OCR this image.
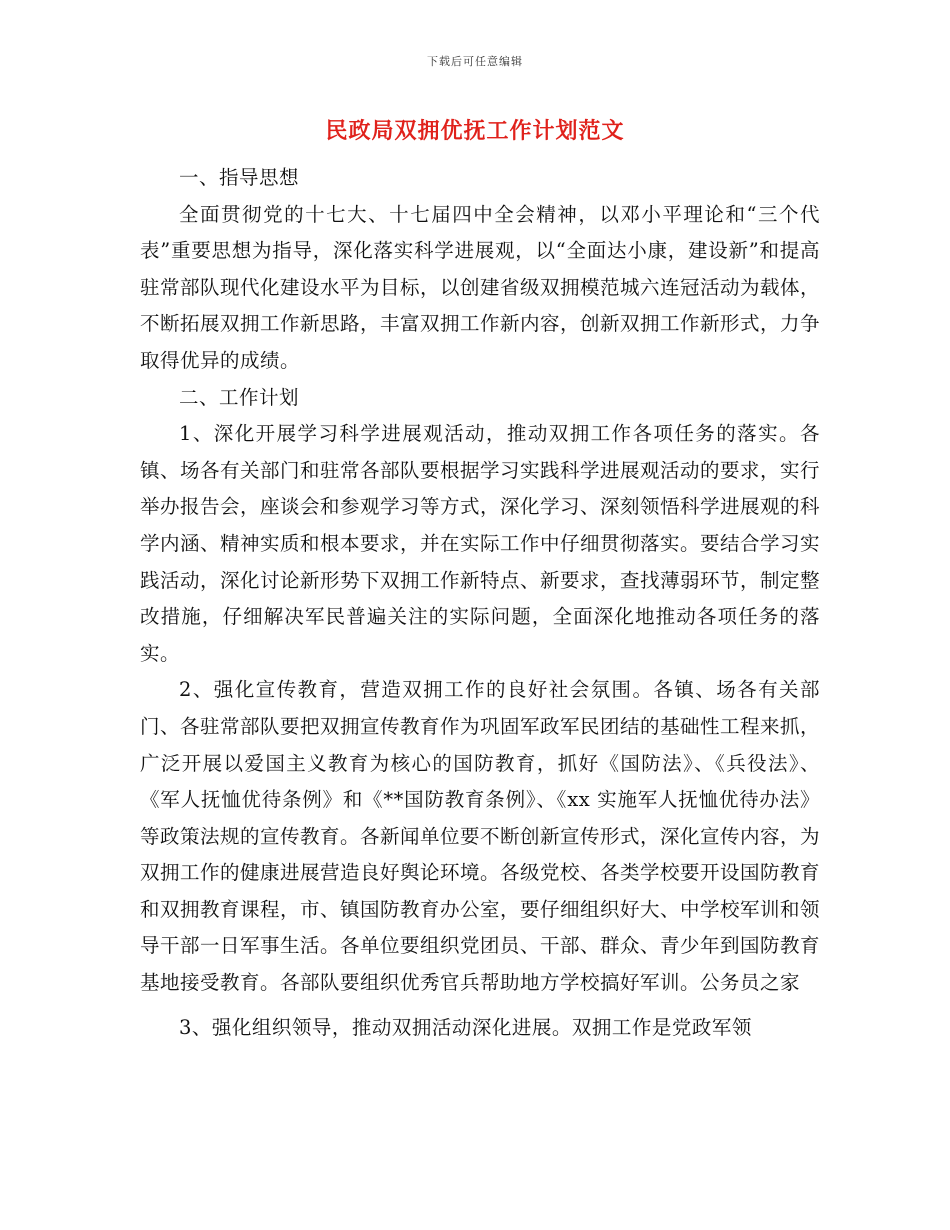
下载后可任意编辑
民政局双拥优抚工作计划范文

一、指导思想

全面贯彻党的十七大、十七届四中全会精神，以邓小平理论和“三个代表”重要思想为指导，深化落实科学进展观，以“全面达小康，建设新”和提高驻常部队现代化建设水平为目标，以创建省级双拥模范城六连冠活动为载体，不断拓展双拥工作新思路，丰富双拥工作新内容，创新双拥工作新形式，力争取得优异的成绩。

二、工作计划

1、深化开展学习科学进展观活动，推动双拥工作各项任务的落实。各镇、场各有关部门和驻常各部队要根据学习实践科学进展观活动的要求，实行举办报告会，座谈会和参观学习等方式，深化学习、深刻领悟科学进展观的科学内涵、精神实质和根本要求，并在实际工作中仔细贯彻落实。要结合学习实践活动，深化讨论新形势下双拥工作新特点、新要求，查找薄弱环节，制定整改措施，仔细解决军民普遍关注的实际问题，全面深化地推动各项任务的落实。

2、强化宣传教育，营造双拥工作的良好社会氛围。各镇、场各有关部门、各驻常部队要把双拥宣传教育作为巩固军政军民团结的基础性工程来抓，广泛开展以爱国主义教育为核心的国防教育，抓好《国防法》、《兵役法》、《军人抚恤优待条例》和《**国防教育条例》、《xx 实施军人抚恤优待办法》等政策法规的宣传教育。各新闻单位要不断创新宣传形式，深化宣传内容，为双拥工作的健康进展营造良好舆论环境。各级党校、各类学校要开设国防教育和双拥教育课程，市、镇国防教育办公室，要仔细组织好大、中学校军训和领导干部一日军事生活。各单位要组织党团员、干部、群众、青少年到国防教育基地接受教育。各部队要组织优秀官兵帮助地方学校搞好军训。公务员之家

3、强化组织领导，推动双拥活动深化进展。双拥工作是党政军领
